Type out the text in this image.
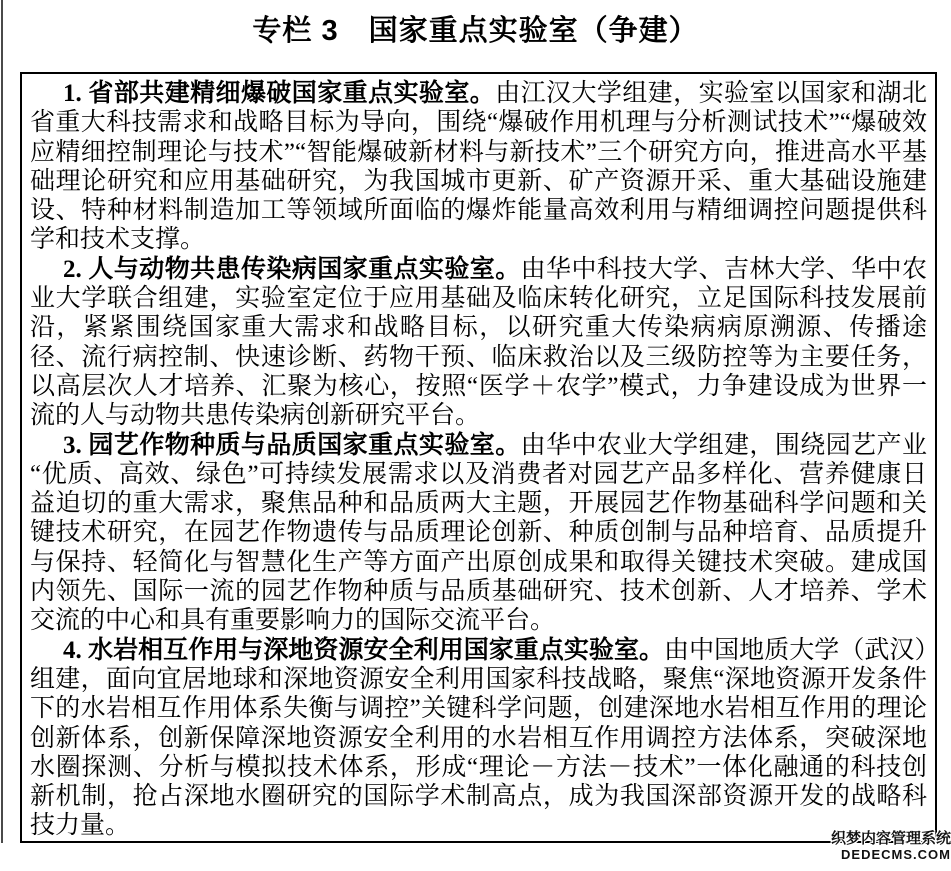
专栏 3　国家重点实验室（争建）

1. 省部共建精细爆破国家重点实验室。由江汉大学组建，实验室以国家和湖北省重大科技需求和战略目标为导向，围绕“爆破作用机理与分析测试技术”“爆破效应精细控制理论与技术”“智能爆破新材料与新技术”三个研究方向，推进高水平基础理论研究和应用基础研究，为我国城市更新、矿产资源开采、重大基础设施建设、特种材料制造加工等领域所面临的爆炸能量高效利用与精细调控问题提供科学和技术支撑。

2. 人与动物共患传染病国家重点实验室。由华中科技大学、吉林大学、华中农业大学联合组建，实验室定位于应用基础及临床转化研究，立足国际科技发展前沿，紧紧围绕国家重大需求和战略目标，以研究重大传染病病原溯源、传播途径、流行病控制、快速诊断、药物干预、临床救治以及三级防控等为主要任务，以高层次人才培养、汇聚为核心，按照“医学＋农学”模式，力争建设成为世界一流的人与动物共患传染病创新研究平台。

3. 园艺作物种质与品质国家重点实验室。由华中农业大学组建，围绕园艺产业“优质、高效、绿色”可持续发展需求以及消费者对园艺产品多样化、营养健康日益迫切的重大需求，聚焦品种和品质两大主题，开展园艺作物基础科学问题和关键技术研究，在园艺作物遗传与品质理论创新、种质创制与品种培育、品质提升与保持、轻简化与智慧化生产等方面产出原创成果和取得关键技术突破。建成国内领先、国际一流的园艺作物种质与品质基础研究、技术创新、人才培养、学术交流的中心和具有重要影响力的国际交流平台。

4. 水岩相互作用与深地资源安全利用国家重点实验室。由中国地质大学（武汉）组建，面向宜居地球和深地资源安全利用国家科技战略，聚焦“深地资源开发条件下的水岩相互作用体系失衡与调控”关键科学问题，创建深地水岩相互作用的理论创新体系，创新保障深地资源安全利用的水岩相互作用调控方法体系，突破深地水圈探测、分析与模拟技术体系，形成“理论－方法－技术”一体化融通的科技创新机制，抢占深地水圈研究的国际学术制高点，成为我国深部资源开发的战略科技力量。	织梦内容管理系统
DEDECMS.COM
